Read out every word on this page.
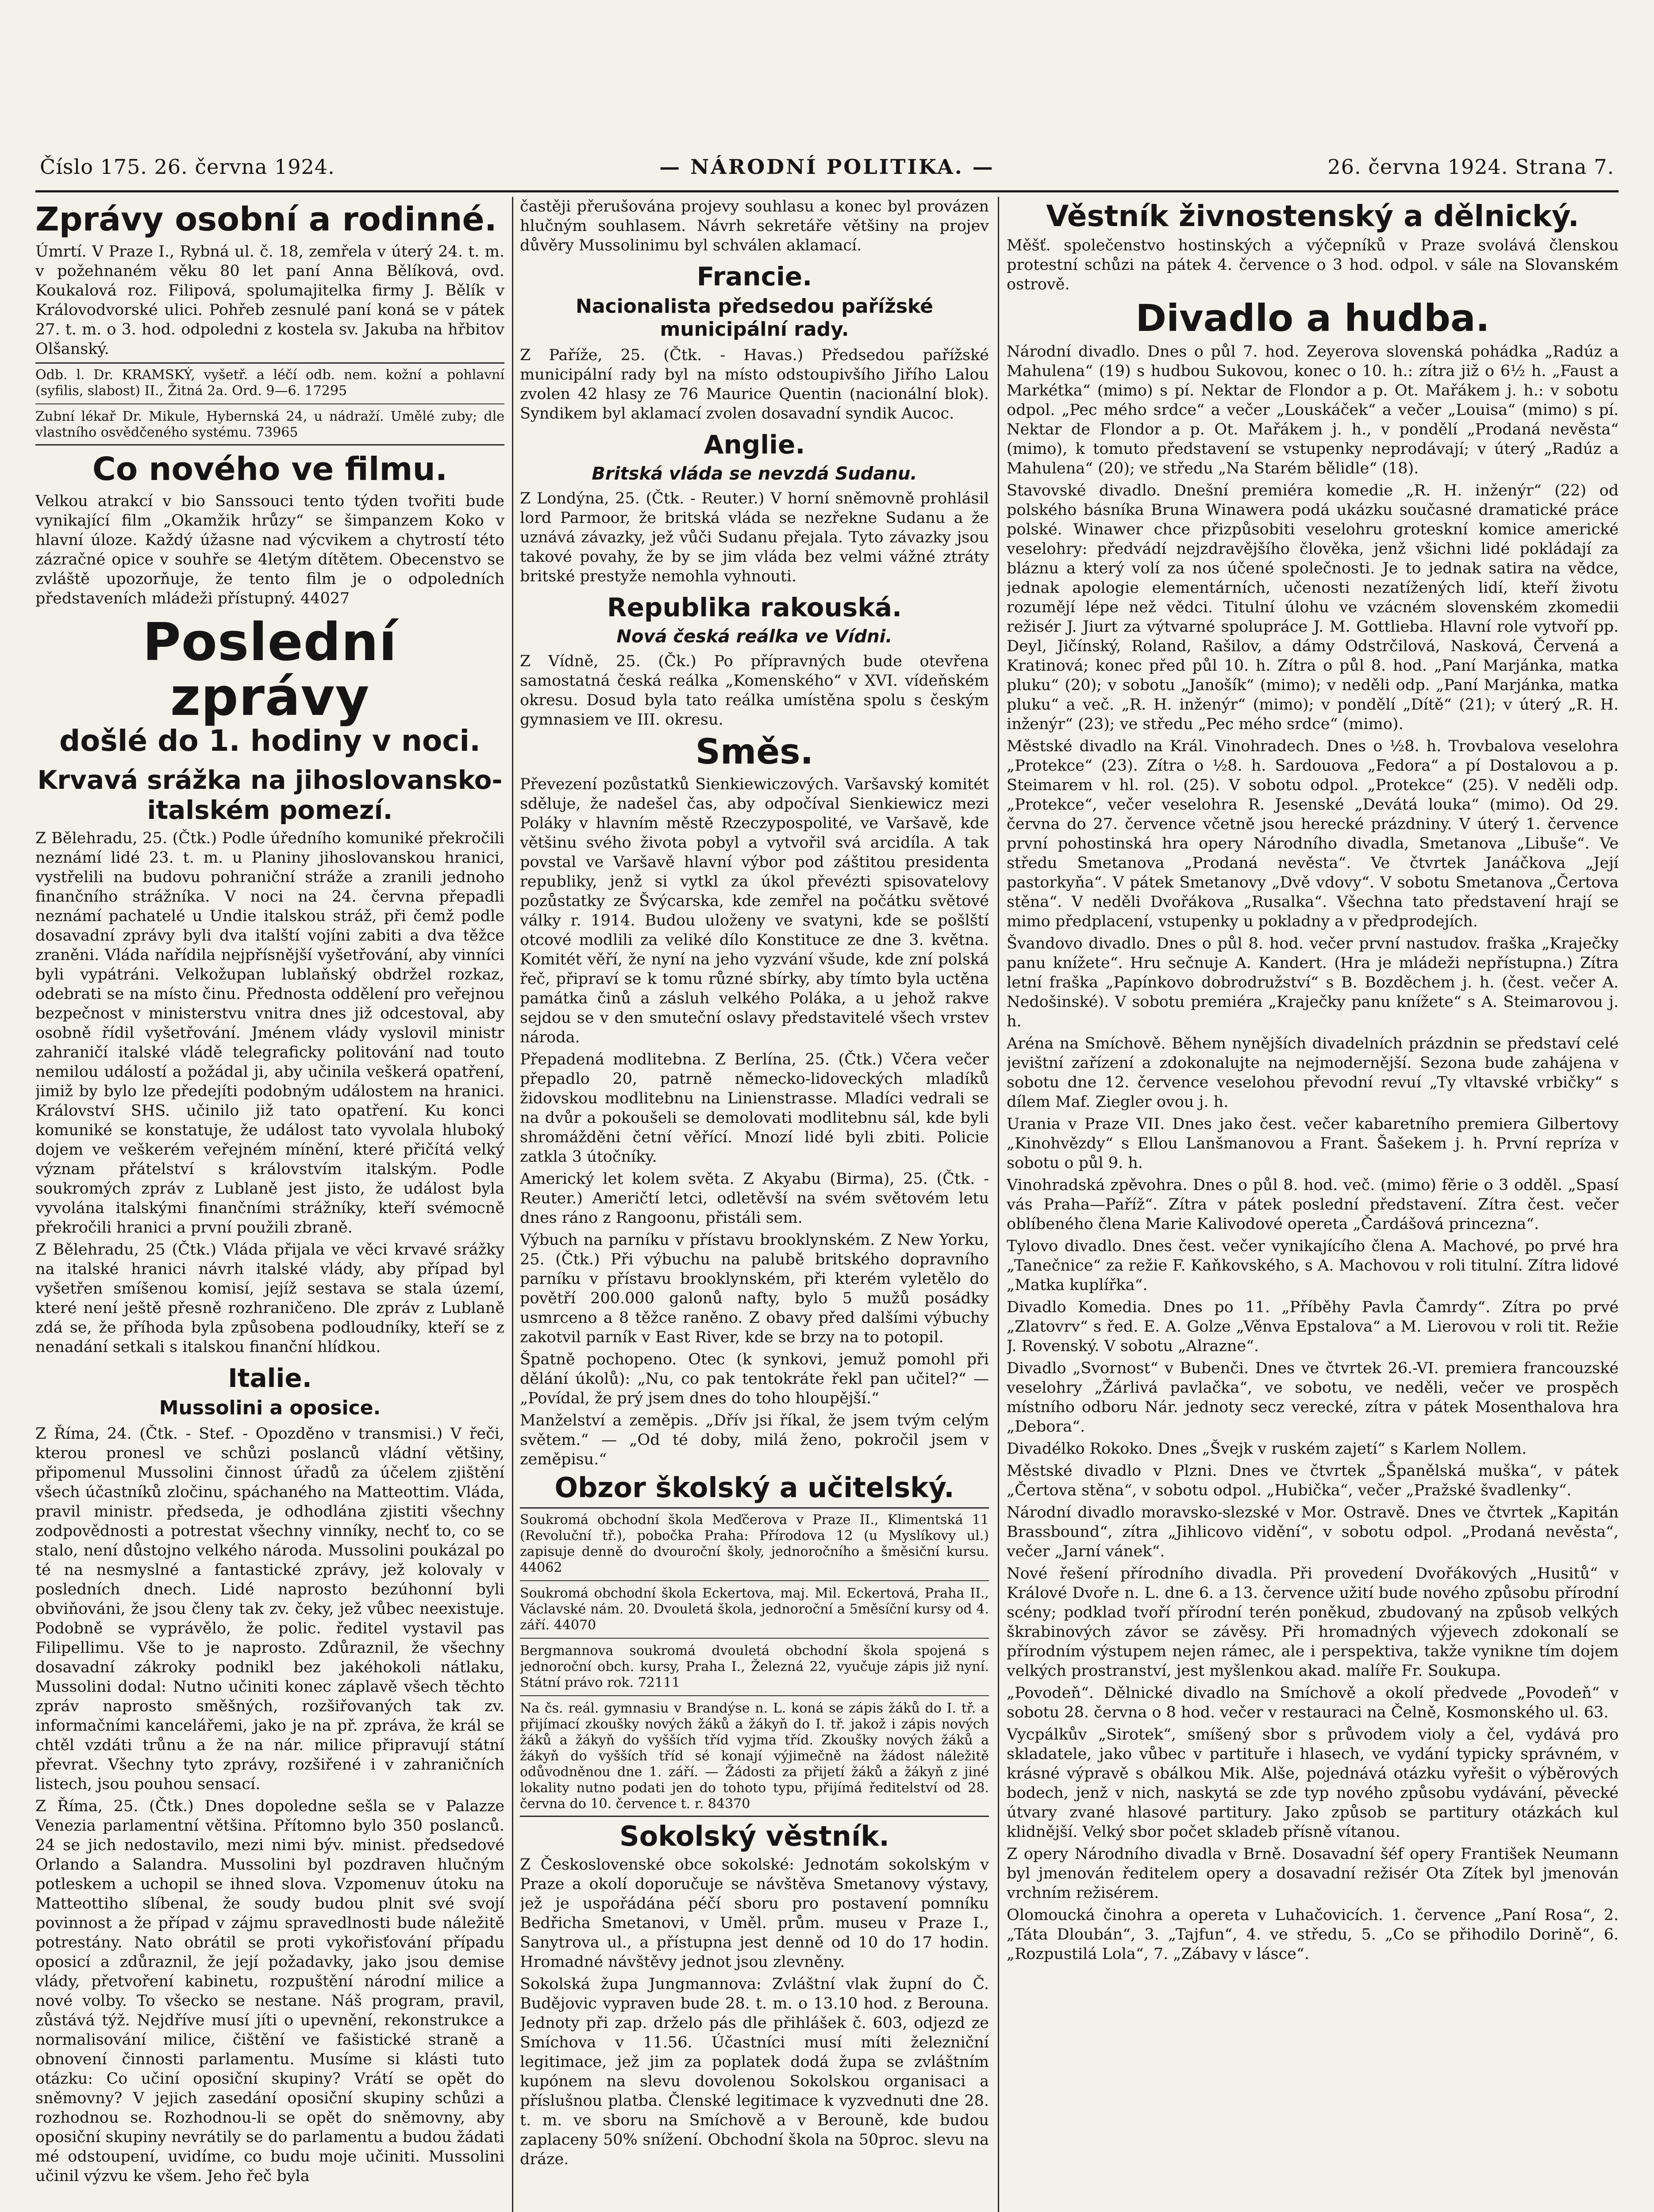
Číslo 175. 26. června 1924.	— NÁRODNÍ POLITIKA. —	26. června 1924. Strana 7.
Zprávy osobní a rodinné.

Úmrtí. V Praze I., Rybná ul. č. 18, zemřela v úterý 24. t. m. v požehnaném věku 80 let paní Anna Bělíková, ovd. Koukalová roz. Filipová, spolumajitelka firmy J. Bělík v Královodvorské ulici. Pohřeb zesnulé paní koná se v pátek 27. t. m. o 3. hod. odpoledni z kostela sv. Jakuba na hřbitov Olšanský.

Odb. l. Dr. KRAMSKÝ, vyšetř. a léčí odb. nem. kožní a pohlavní (syfilis, slabost) II., Žitná 2a. Ord. 9—6. 17295

Zubní lékař Dr. Mikule, Hybernská 24, u nádraží. Umělé zuby; dle vlastního osvědčeného systému. 73965

Co nového ve filmu.

Velkou atrakcí v bio Sanssouci tento týden tvořiti bude vynikající film „Okamžik hrůzy“ se šimpanzem Koko v hlavní úloze. Každý úžasne nad výcvikem a chytrostí této zázračné opice v souhře se 4letým dítětem. Obecenstvo se zvláště upozorňuje, že tento film je o odpoledních představeních mládeži přístupný. 44027

Poslední zprávy
došlé do 1. hodiny v noci.
Krvavá srážka na jihoslovansko-italském pomezí.

Z Bělehradu, 25. (Čtk.) Podle úředního komuniké překročili neznámí lidé 23. t. m. u Planiny jihoslovanskou hranici, vystřelili na budovu pohraniční stráže a zranili jednoho finančního strážníka. V noci na 24. června přepadli neznámí pachatelé u Undie italskou stráž, při čemž podle dosavadní zprávy byli dva italští vojíni zabiti a dva těžce zraněni. Vláda nařídila nejpřísnější vyšetřování, aby vinníci byli vypátráni. Velkožupan lublaňský obdržel rozkaz, odebrati se na místo činu. Přednosta oddělení pro veřejnou bezpečnost v ministerstvu vnitra dnes již odcestoval, aby osobně řídil vyšetřování. Jménem vlády vyslovil ministr zahraničí italské vládě telegraficky politování nad touto nemilou událostí a požádal ji, aby učinila veškerá opatření, jimiž by bylo lze předejíti podobným událostem na hranici. Království SHS. učinilo již tato opatření. Ku konci komuniké se konstatuje, že událost tato vyvolala hluboký dojem ve veškerém veřejném mínění, které přičítá velký význam přátelství s královstvím italským. Podle soukromých zpráv z Lublaně jest jisto, že událost byla vyvolána italskými finančními strážníky, kteří svémocně překročili hranici a první použili zbraně.

Z Bělehradu, 25 (Čtk.) Vláda přijala ve věci krvavé srážky na italské hranici návrh italské vlády, aby případ byl vyšetřen smíšenou komisí, jejíž sestava se stala území, které není ještě přesně rozhraničeno. Dle zpráv z Lublaně zdá se, že příhoda byla způsobena podloudníky, kteří se z nenadání setkali s italskou finanční hlídkou.

Italie.
Mussolini a oposice.

Z Říma, 24. (Čtk. - Stef. - Opozděno v transmisi.) V řeči, kterou pronesl ve schůzi poslanců vládní většiny, připomenul Mussolini činnost úřadů za účelem zjištění všech účastníků zločinu, spáchaného na Matteottim. Vláda, pravil ministr. předseda, je odhodlána zjistiti všechny zodpovědnosti a potrestat všechny vinníky, nechť to, co se stalo, není důstojno velkého národa. Mussolini poukázal po té na nesmyslné a fantastické zprávy, jež kolovaly v posledních dnech. Lidé naprosto bezúhonní byli obviňováni, že jsou členy tak zv. čeky, jež vůbec neexistuje. Podobně se vyprávělo, že polic. ředitel vystavil pas Filipellimu. Vše to je naprosto. Zdůraznil, že všechny dosavadní zákroky podnikl bez jakéhokoli nátlaku, Mussolini dodal: Nutno učiniti konec záplavě všech těchto zpráv naprosto směšných, rozšiřovaných tak zv. informačními kancelářemi, jako je na př. zpráva, že král se chtěl vzdáti trůnu a že na nár. milice připravují státní převrat. Všechny tyto zprávy, rozšiřené i v zahraničních listech, jsou pouhou sensací.

Z Říma, 25. (Čtk.) Dnes dopoledne sešla se v Palazze Venezia parlamentní většina. Přítomno bylo 350 poslanců. 24 se jich nedostavilo, mezi nimi býv. minist. předsedové Orlando a Salandra. Mussolini byl pozdraven hlučným potleskem a uchopil se ihned slova. Vzpomenuv útoku na Matteottiho slíbenal, že soudy budou plnit své svojí povinnost a že případ v zájmu spravedlnosti bude náležitě potrestány. Nato obrátil se proti vykořisťování případu oposicí a zdůraznil, že její požadavky, jako jsou demise vlády, přetvoření kabinetu, rozpuštění národní milice a nové volby. To všecko se nestane. Náš program, pravil, zůstává týž. Nejdříve musí jíti o upevnění, rekonstrukce a normalisování milice, čištění ve fašistické straně a obnovení činnosti parlamentu. Musíme si klásti tuto otázku: Co učiní oposiční skupiny? Vrátí se opět do sněmovny? V jejich zasedání oposiční skupiny schůzi a rozhodnou se. Rozhodnou-li se opět do sněmovny, aby oposiční skupiny nevrátily se do parlamentu a budou žádati mé odstoupení, uvidíme, co budu moje učiniti. Mussolini učinil výzvu ke všem. Jeho řeč byla

častěji přerušována projevy souhlasu a konec byl provázen hlučným souhlasem. Návrh sekretáře většiny na projev důvěry Mussolinimu byl schválen aklamací.

Francie.
Nacionalista předsedou pařížské municipální rady.

Z Paříže, 25. (Čtk. - Havas.) Předsedou pařížské municipální rady byl na místo odstoupivšího Jiřího Lalou zvolen 42 hlasy ze 76 Maurice Quentin (nacionální blok). Syndikem byl aklamací zvolen dosavadní syndik Aucoc.

Anglie.
Britská vláda se nevzdá Sudanu.

Z Londýna, 25. (Čtk. - Reuter.) V horní sněmovně prohlásil lord Parmoor, že britská vláda se nezřekne Sudanu a že uznává závazky, jež vůči Sudanu přejala. Tyto závazky jsou takové povahy, že by se jim vláda bez velmi vážné ztráty britské prestyže nemohla vyhnouti.

Republika rakouská.
Nová česká reálka ve Vídni.

Z Vídně, 25. (Čk.) Po přípravných bude otevřena samostatná česká reálka „Komenského“ v XVI. vídeňském okresu. Dosud byla tato reálka umístěna spolu s českým gymnasiem ve III. okresu.

Směs.

Převezení pozůstatků Sienkiewiczových. Varšavský komitét sděluje, že nadešel čas, aby odpočíval Sienkiewicz mezi Poláky v hlavním městě Rzeczypospolité, ve Varšavě, kde většinu svého života pobyl a vytvořil svá arcidíla. A tak povstal ve Varšavě hlavní výbor pod záštitou presidenta republiky, jenž si vytkl za úkol převézti spisovatelovy pozůstatky ze Švýcarska, kde zemřel na počátku světové války r. 1914. Budou uloženy ve svatyni, kde se pošlští otcové modlili za veliké dílo Konstituce ze dne 3. května. Komitét věří, že nyní na jeho vyzvání všude, kde zní polská řeč, připraví se k tomu různé sbírky, aby tímto byla uctěna památka činů a zásluh velkého Poláka, a u jehož rakve sejdou se v den smuteční oslavy představitelé všech vrstev národa.

Přepadená modlitebna. Z Berlína, 25. (Čtk.) Včera večer přepadlo 20, patrně německo-lidoveckých mladíků židovskou modlitebnu na Linienstrasse. Mladíci vedrali se na dvůr a pokoušeli se demolovati modlitebnu sál, kde byli shromážděni četní věřící. Mnozí lidé byli zbiti. Policie zatkla 3 útočníky.

Americký let kolem světa. Z Akyabu (Birma), 25. (Čtk. - Reuter.) Američtí letci, odletěvší na svém světovém letu dnes ráno z Rangoonu, přistáli sem.

Výbuch na parníku v přístavu brooklynském. Z New Yorku, 25. (Čtk.) Při výbuchu na palubě britského dopravního parníku v přístavu brooklynském, při kterém vyletělo do povětří 200.000 galonů nafty, bylo 5 mužů posádky usmrceno a 8 těžce raněno. Z obavy před dalšími výbuchy zakotvil parník v East River, kde se brzy na to potopil.

Špatně pochopeno. Otec (k synkovi, jemuž pomohl při dělání úkolů): „Nu, co pak tentokráte řekl pan učitel?“ — „Povídal, že prý jsem dnes do toho hloupější.“

Manželství a zeměpis. „Dřív jsi říkal, že jsem tvým celým světem.“ — „Od té doby, milá ženo, pokročil jsem v zeměpisu.“

Obzor školský a učitelský.

Soukromá obchodní škola Meďčerova v Praze II., Klimentská 11 (Revoluční tř.), pobočka Praha: Přírodova 12 (u Myslíkovy ul.) zapisuje denně do dvouroční školy, jednoročního a šměsiční kursu. 44062

Soukromá obchodní škola Eckertova, maj. Mil. Eckertová, Praha II., Václavské nám. 20. Dvouletá škola, jednoroční a 5měsíční kursy od 4. září. 44070

Bergmannova soukromá dvouletá obchodní škola spojená s jednoroční obch. kursy, Praha I., Železná 22, vyučuje zápis již nyní. Státní právo rok. 72111

Na čs. reál. gymnasiu v Brandýse n. L. koná se zápis žáků do I. tř. a přijímací zkoušky nových žáků a žákyň do I. tř. jakož i zápis nových žáků a žákyň do vyšších tříd vyjma tříd. Zkoušky nových žáků a žákyň do vyšších tříd sé konají výjimečně na žádost náležitě odůvodněnou dne 1. září. — Žádosti za přijetí žáků a žákyň z jiné lokality nutno podati jen do tohoto typu, přijímá ředitelství od 28. června do 10. července t. r. 84370

Sokolský věstník.

Z Československé obce sokolské: Jednotám sokolským v Praze a okolí doporučuje se návštěva Smetanovy výstavy, jež je uspořádána péčí sboru pro postavení pomníku Bedřicha Smetanovi, v Uměl. prům. museu v Praze I., Sanytrova ul., a přístupna jest denně od 10 do 17 hodin. Hromadné návštěvy jednot jsou zlevněny.

Sokolská župa Jungmannova: Zvláštní vlak župní do Č. Budějovic vypraven bude 28. t. m. o 13.10 hod. z Berouna. Jednoty při zap. drželo pás dle přihlášek č. 603, odjezd ze Smíchova v 11.56. Účastníci musí míti železniční legitimace, jež jim za poplatek dodá župa se zvláštním kupónem na slevu dovolenou Sokolskou organisaci a příslušnou platba. Členské legitimace k vyzvednuti dne 28. t. m. ve sboru na Smíchově a v Berouně, kde budou zaplaceny 50% snížení. Obchodní škola na 50proc. slevu na dráze.

Věstník živnostenský a dělnický.

Měšť. společenstvo hostinských a výčepníků v Praze svolává členskou protestní schůzi na pátek 4. července o 3 hod. odpol. v sále na Slovanském ostrově.

Divadlo a hudba.

Národní divadlo. Dnes o půl 7. hod. Zeyerova slovenská pohádka „Radúz a Mahulena“ (19) s hudbou Sukovou, konec o 10. h.: zítra již o 6½ h. „Faust a Markétka“ (mimo) s pí. Nektar de Flondor a p. Ot. Mařákem j. h.: v sobotu odpol. „Pec mého srdce“ a večer „Louskáček“ a večer „Louisa“ (mimo) s pí. Nektar de Flondor a p. Ot. Mařákem j. h., v pondělí „Prodaná nevěsta“ (mimo), k tomuto představení se vstupenky neprodávají; v úterý „Radúz a Mahulena“ (20); ve středu „Na Starém bělidle“ (18).

Stavovské divadlo. Dnešní premiéra komedie „R. H. inženýr“ (22) od polského básníka Bruna Winawera podá ukázku současné dramatické práce polské. Winawer chce přizpůsobiti veselohru groteskní komice americké veselohry: předvádí nejzdravějšího člověka, jenž všichni lidé pokládají za bláznu a který volí za nos účené společnosti. Je to jednak satira na vědce, jednak apologie elementárních, učenosti nezatížených lidí, kteří životu rozumějí lépe než vědci. Titulní úlohu ve vzácném slovenském zkomedii režisér J. Jiurt za výtvarné spolupráce J. M. Gottlieba. Hlavní role vytvoří pp. Deyl, Jičínský, Roland, Rašilov, a dámy Odstrčilová, Nasková, Červená a Kratinová; konec před půl 10. h. Zítra o půl 8. hod. „Paní Marjánka, matka pluku“ (20); v sobotu „Janošík“ (mimo); v neděli odp. „Paní Marjánka, matka pluku“ a več. „R. H. inženýr“ (mimo); v pondělí „Dítě“ (21); v úterý „R. H. inženýr“ (23); ve středu „Pec mého srdce“ (mimo).

Městské divadlo na Král. Vinohradech. Dnes o ½8. h. Trovbalova veselohra „Protekce“ (23). Zítra o ½8. h. Sardouova „Fedora“ a pí Dostalovou a p. Steimarem v hl. rol. (25). V sobotu odpol. „Protekce“ (25). V neděli odp. „Protekce“, večer veselohra R. Jesenské „Devátá louka“ (mimo). Od 29. června do 27. července včetně jsou herecké prázdniny. V úterý 1. července první pohostinská hra opery Národního divadla, Smetanova „Libuše“. Ve středu Smetanova „Prodaná nevěsta“. Ve čtvrtek Janáčkova „Její pastorkyňa“. V pátek Smetanovy „Dvě vdovy“. V sobotu Smetanova „Čertova stěna“. V neděli Dvořákova „Rusalka“. Všechna tato představení hrají se mimo předplacení, vstupenky u pokladny a v předprodejích.

Švandovo divadlo. Dnes o půl 8. hod. večer první nastudov. fraška „Kraječky panu knížete“. Hru sečnuje A. Kandert. (Hra je mládeži nepřístupna.) Zítra letní fraška „Papínkovo dobrodružství“ s B. Bozděchem j. h. (čest. večer A. Nedošinské). V sobotu premiéra „Kraječky panu knížete“ s A. Steimarovou j. h.

Aréna na Smíchově. Během nynějších divadelních prázdnin se představí celé jevištní zařízení a zdokonalujte na nejmodernější. Sezona bude zahájena v sobotu dne 12. července veselohou převodní revuí „Ty vltavské vrbičky“ s dílem Maf. Ziegler ovou j. h.

Urania v Praze VII. Dnes jako čest. večer kabaretního premiera Gilbertovy „Kinohvězdy“ s Ellou Lanšmanovou a Frant. Šašekem j. h. První repríza v sobotu o půl 9. h.

Vinohradská zpěvohra. Dnes o půl 8. hod. več. (mimo) fěrie o 3 odděl. „Spasí vás Praha—Paříž“. Zítra v pátek poslední představení. Zítra čest. večer oblíbeného člena Marie Kalivodové opereta „Čardášová princezna“.

Tylovo divadlo. Dnes čest. večer vynikajícího člena A. Machové, po prvé hra „Tanečnice“ za režie F. Kaňkovského, s A. Machovou v roli titulní. Zítra lidové „Matka kuplířka“.

Divadlo Komedia. Dnes po 11. „Příběhy Pavla Čamrdy“. Zítra po prvé „Zlatovrv“ s řed. E. A. Golze „Věnva Epstalova“ a M. Lierovou v roli tit. Režie J. Rovenský. V sobotu „Alrazne“.

Divadlo „Svornost“ v Bubenči. Dnes ve čtvrtek 26.-VI. premiera francouzské veselohry „Žárlivá pavlačka“, ve sobotu, ve neděli, večer ve prospěch místního odboru Nár. jednoty secz verecké, zítra v pátek Mosenthalova hra „Debora“.

Divadélko Rokoko. Dnes „Švejk v ruském zajetí“ s Karlem Nollem.

Městské divadlo v Plzni. Dnes ve čtvrtek „Španělská muška“, v pátek „Čertova stěna“, v sobotu odpol. „Hubička“, večer „Pražské švadlenky“.

Národní divadlo moravsko-slezské v Mor. Ostravě. Dnes ve čtvrtek „Kapitán Brassbound“, zítra „Jihlicovo vidění“, v sobotu odpol. „Prodaná nevěsta“, večer „Jarní vánek“.

Nové řešení přírodního divadla. Při provedení Dvořákových „Husitů“ v Králové Dvoře n. L. dne 6. a 13. července užití bude nového způsobu přírodní scény; podklad tvoří přírodní terén poněkud, zbudovaný na způsob velkých škrabinových závor se závěsy. Při hromadných výjevech zdokonalí se přírodním výstupem nejen rámec, ale i perspektiva, takže vynikne tím dojem velkých prostranství, jest myšlenkou akad. malíře Fr. Soukupa.

„Povodeň“. Dělnické divadlo na Smíchově a okolí předvede „Povodeň“ v sobotu 28. června o 8 hod. večer v restauraci na Čelně, Kosmonského ul. 63.

Vycpálkův „Sirotek“, smíšený sbor s průvodem violy a čel, vydává pro skladatele, jako vůbec v partituře i hlasech, ve vydání typicky správném, v krásné výpravě s obálkou Mik. Alše, pojednává otázku vyřešit o výběrových bodech, jenž v nich, naskytá se zde typ nového způsobu vydávání, pěvecké útvary zvané hlasové partitury. Jako způsob se partitury otázkách kul klidnější. Velký sbor počet skladeb přísně vítanou.

Z opery Národního divadla v Brně. Dosavadní šéf opery František Neumann byl jmenován ředitelem opery a dosavadní režisér Ota Zítek byl jmenován vrchním režisérem.

Olomoucká činohra a opereta v Luhačovicích. 1. července „Paní Rosa“, 2. „Táta Dloubán“, 3. „Tajfun“, 4. ve středu, 5. „Co se přihodilo Dorině“, 6. „Rozpustilá Lola“, 7. „Zábavy v lásce“.
